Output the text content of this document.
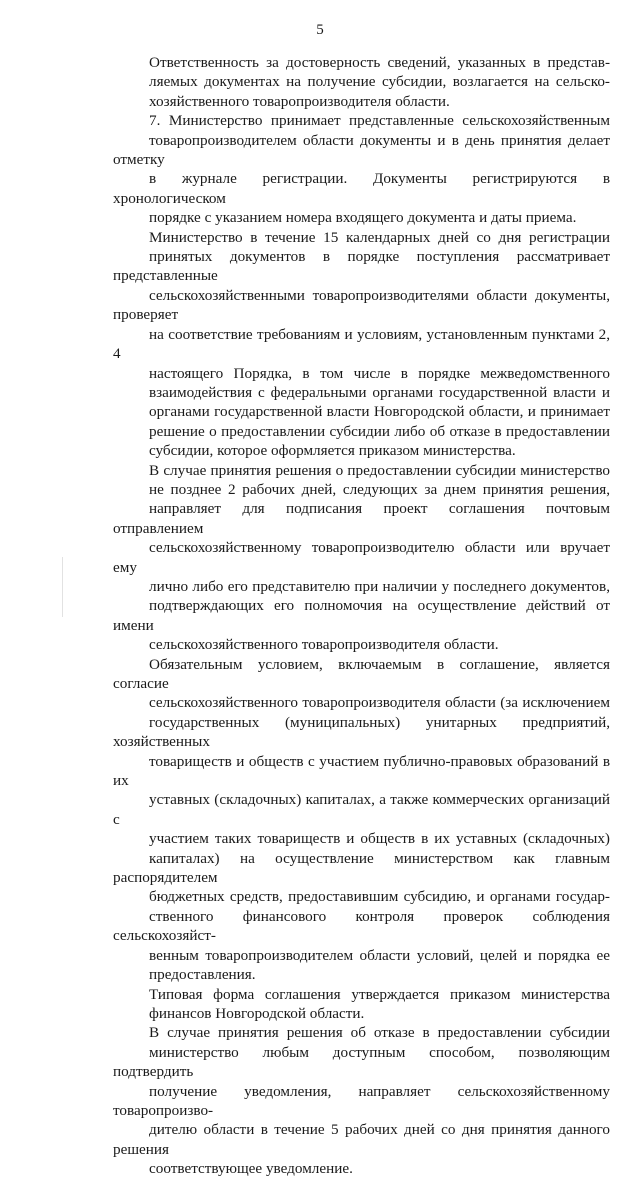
5

Ответственность за достоверность сведений, указанных в представ-
ляемых документах на получение субсидии, возлагается на сельско-
хозяйственного товаропроизводителя области.

7. Министерство принимает представленные сельскохозяйственным
товаропроизводителем области документы и в день принятия делает отметку
в журнале регистрации. Документы регистрируются в хронологическом
порядке с указанием номера входящего документа и даты приема.

Министерство в течение 15 календарных дней со дня регистрации
принятых документов в порядке поступления рассматривает представленные
сельскохозяйственными товаропроизводителями области документы, проверяет
на соответствие требованиям и условиям, установленным пунктами 2, 4
настоящего Порядка, в том числе в порядке межведомственного
взаимодействия с федеральными органами государственной власти и
органами государственной власти Новгородской области, и принимает
решение о предоставлении субсидии либо об отказе в предоставлении
субсидии, которое оформляется приказом министерства.

В случае принятия решения о предоставлении субсидии министерство
не позднее 2 рабочих дней, следующих за днем принятия решения,
направляет для подписания проект соглашения почтовым отправлением
сельскохозяйственному товаропроизводителю области или вручает ему
лично либо его представителю при наличии у последнего документов,
подтверждающих его полномочия на осуществление действий от имени
сельскохозяйственного товаропроизводителя области.

Обязательным условием, включаемым в соглашение, является согласие
сельскохозяйственного товаропроизводителя области (за исключением
государственных (муниципальных) унитарных предприятий, хозяйственных
товариществ и обществ с участием публично-правовых образований в их
уставных (складочных) капиталах, а также коммерческих организаций с
участием таких товариществ и обществ в их уставных (складочных)
капиталах) на осуществление министерством как главным распорядителем
бюджетных средств, предоставившим субсидию, и органами государ-
ственного финансового контроля проверок соблюдения сельскохозяйст-
венным товаропроизводителем области условий, целей и порядка ее
предоставления.

Типовая форма соглашения утверждается приказом министерства
финансов Новгородской области.

В случае принятия решения об отказе в предоставлении субсидии
министерство любым доступным способом, позволяющим подтвердить
получение уведомления, направляет сельскохозяйственному товаропроизво-
дителю области в течение 5 рабочих дней со дня принятия данного решения
соответствующее уведомление.
